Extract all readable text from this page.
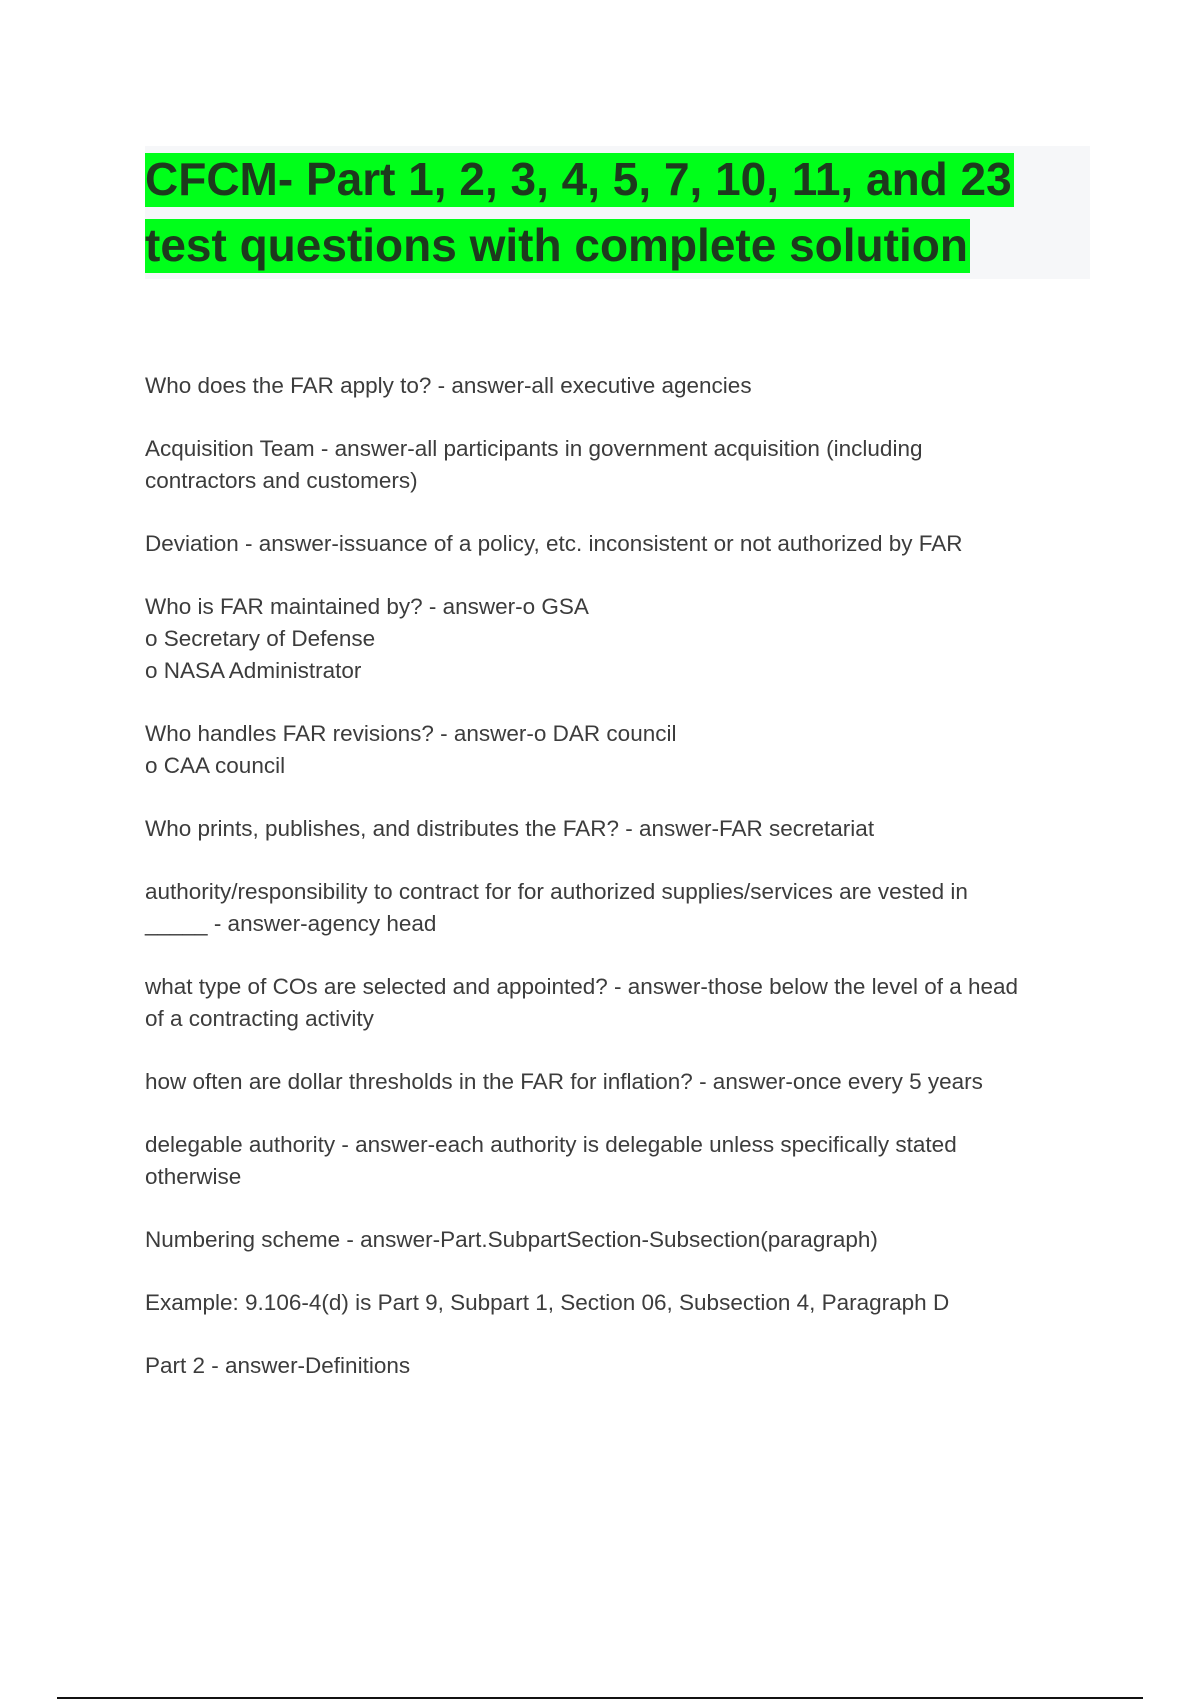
CFCM- Part 1, 2, 3, 4, 5, 7, 10, 11, and 23
test questions with complete solution

Who does the FAR apply to? - answer-all executive agencies

Acquisition Team - answer-all participants in government acquisition (including
contractors and customers)

Deviation - answer-issuance of a policy, etc. inconsistent or not authorized by FAR

Who is FAR maintained by? - answer-o GSA
o Secretary of Defense
o NASA Administrator

Who handles FAR revisions? - answer-o DAR council
o CAA council

Who prints, publishes, and distributes the FAR? - answer-FAR secretariat

authority/responsibility to contract for for authorized supplies/services are vested in
_____ - answer-agency head

what type of COs are selected and appointed? - answer-those below the level of a head
of a contracting activity

how often are dollar thresholds in the FAR for inflation? - answer-once every 5 years

delegable authority - answer-each authority is delegable unless specifically stated
otherwise

Numbering scheme - answer-Part.SubpartSection-Subsection(paragraph)

Example: 9.106-4(d) is Part 9, Subpart 1, Section 06, Subsection 4, Paragraph D

Part 2 - answer-Definitions
